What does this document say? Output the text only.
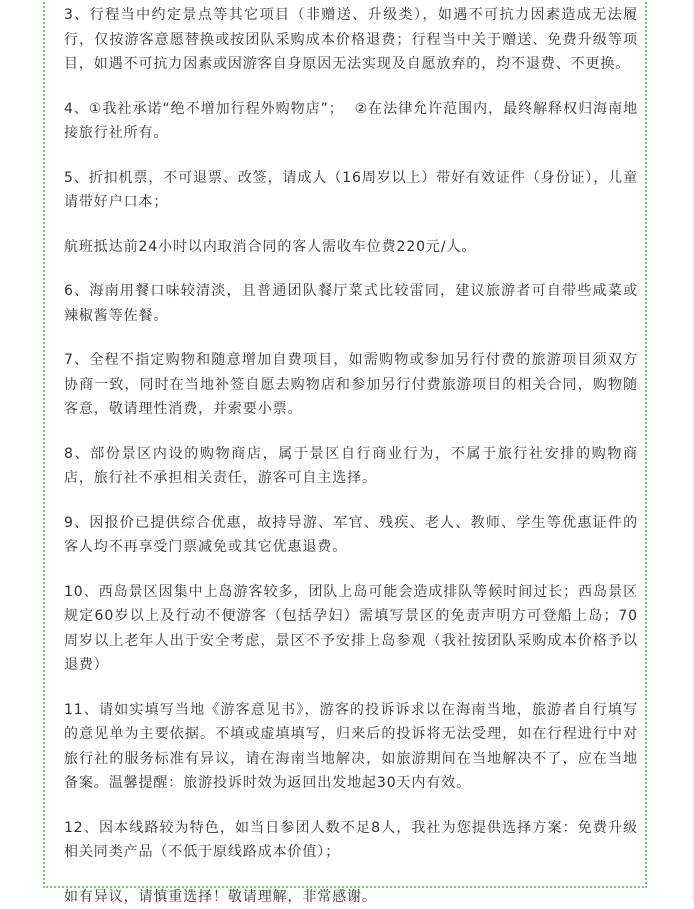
3、行程当中约定景点等其它项目（非赠送、升级类），如遇不可抗力因素造成无法履行，仅按游客意愿替换或按团队采购成本价格退费；行程当中关于赠送、免费升级等项目，如遇不可抗力因素或因游客自身原因无法实现及自愿放弃的，均不退费、不更换。

4、①我社承诺“绝不增加行程外购物店”；  ②在法律允许范围内，最终解释权归海南地接旅行社所有。

5、折扣机票，不可退票、改签，请成人（16周岁以上）带好有效证件（身份证），儿童请带好户口本；

航班抵达前24小时以内取消合同的客人需收车位费220元/人。

6、海南用餐口味较清淡，且普通团队餐厅菜式比较雷同，建议旅游者可自带些咸菜或辣椒酱等佐餐。

7、全程不指定购物和随意增加自费项目，如需购物或参加另行付费的旅游项目须双方协商一致，同时在当地补签自愿去购物店和参加另行付费旅游项目的相关合同，购物随客意，敬请理性消费，并索要小票。

8、部份景区内设的购物商店，属于景区自行商业行为，不属于旅行社安排的购物商店，旅行社不承担相关责任，游客可自主选择。

9、因报价已提供综合优惠，故持导游、军官、残疾、老人、教师、学生等优惠证件的客人均不再享受门票减免或其它优惠退费。

10、西岛景区因集中上岛游客较多，团队上岛可能会造成排队等候时间过长；西岛景区规定60岁以上及行动不便游客（包括孕妇）需填写景区的免责声明方可登船上岛；70周岁以上老年人出于安全考虑，景区不予安排上岛参观（我社按团队采购成本价格予以退费）

11、请如实填写当地《游客意见书》，游客的投诉诉求以在海南当地，旅游者自行填写的意见单为主要依据。不填或虚填填写，归来后的投诉将无法受理，如在行程进行中对旅行社的服务标准有异议，请在海南当地解决，如旅游期间在当地解决不了，应在当地备案。温馨提醒：旅游投诉时效为返回出发地起30天内有效。

12、因本线路较为特色，如当日参团人数不足8人，我社为您提供选择方案：免费升级相关同类产品（不低于原线路成本价值）；

如有异议，请慎重选择！敬请理解，非常感谢。
